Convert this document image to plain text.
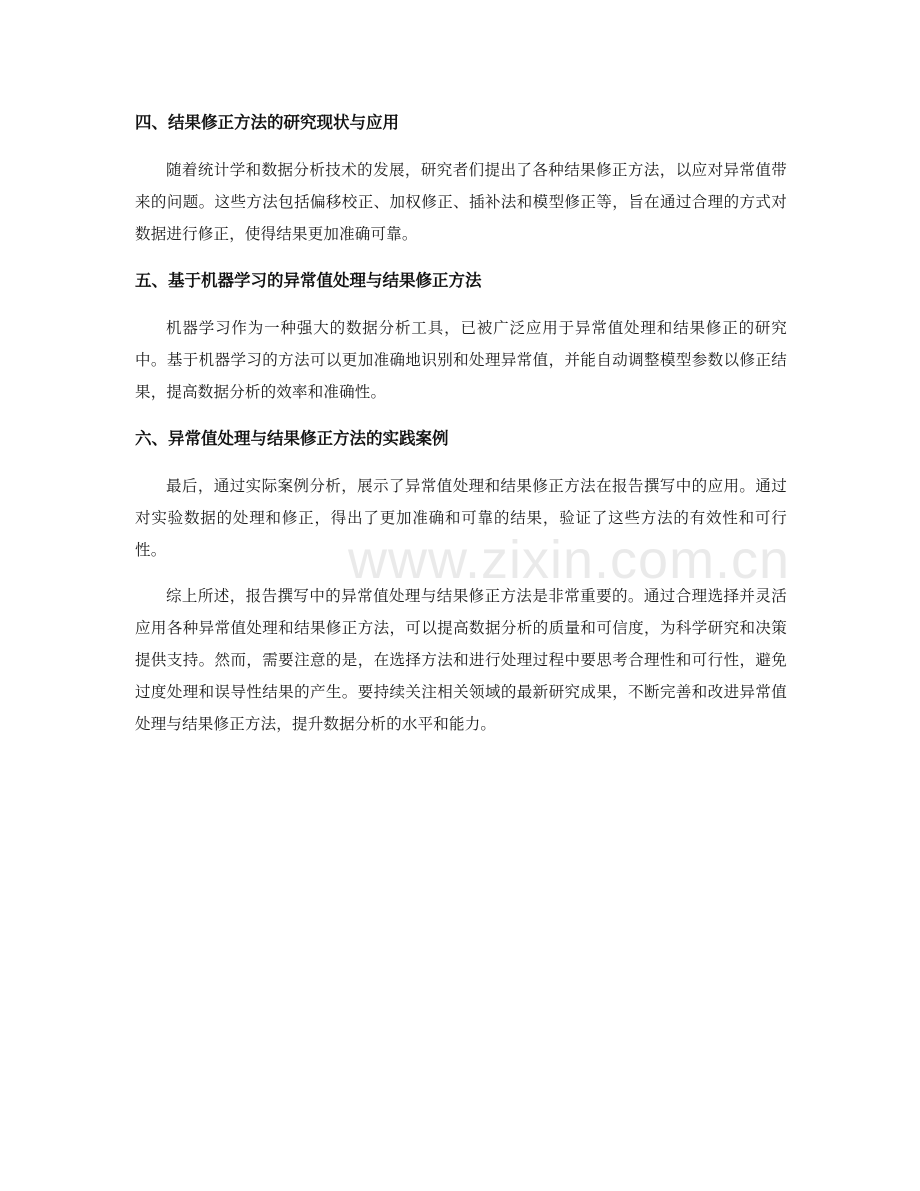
四、结果修正方法的研究现状与应用

随着统计学和数据分析技术的发展，研究者们提出了各种结果修正方法，以应对异常值带来的问题。这些方法包括偏移校正、加权修正、插补法和模型修正等，旨在通过合理的方式对数据进行修正，使得结果更加准确可靠。

五、基于机器学习的异常值处理与结果修正方法

机器学习作为一种强大的数据分析工具，已被广泛应用于异常值处理和结果修正的研究中。基于机器学习的方法可以更加准确地识别和处理异常值，并能自动调整模型参数以修正结果，提高数据分析的效率和准确性。

六、异常值处理与结果修正方法的实践案例

最后，通过实际案例分析，展示了异常值处理和结果修正方法在报告撰写中的应用。通过对实验数据的处理和修正，得出了更加准确和可靠的结果，验证了这些方法的有效性和可行性。

综上所述，报告撰写中的异常值处理与结果修正方法是非常重要的。通过合理选择并灵活应用各种异常值处理和结果修正方法，可以提高数据分析的质量和可信度，为科学研究和决策提供支持。然而，需要注意的是，在选择方法和进行处理过程中要思考合理性和可行性，避免过度处理和误导性结果的产生。要持续关注相关领域的最新研究成果，不断完善和改进异常值处理与结果修正方法，提升数据分析的水平和能力。

www.zixin.com.cn
